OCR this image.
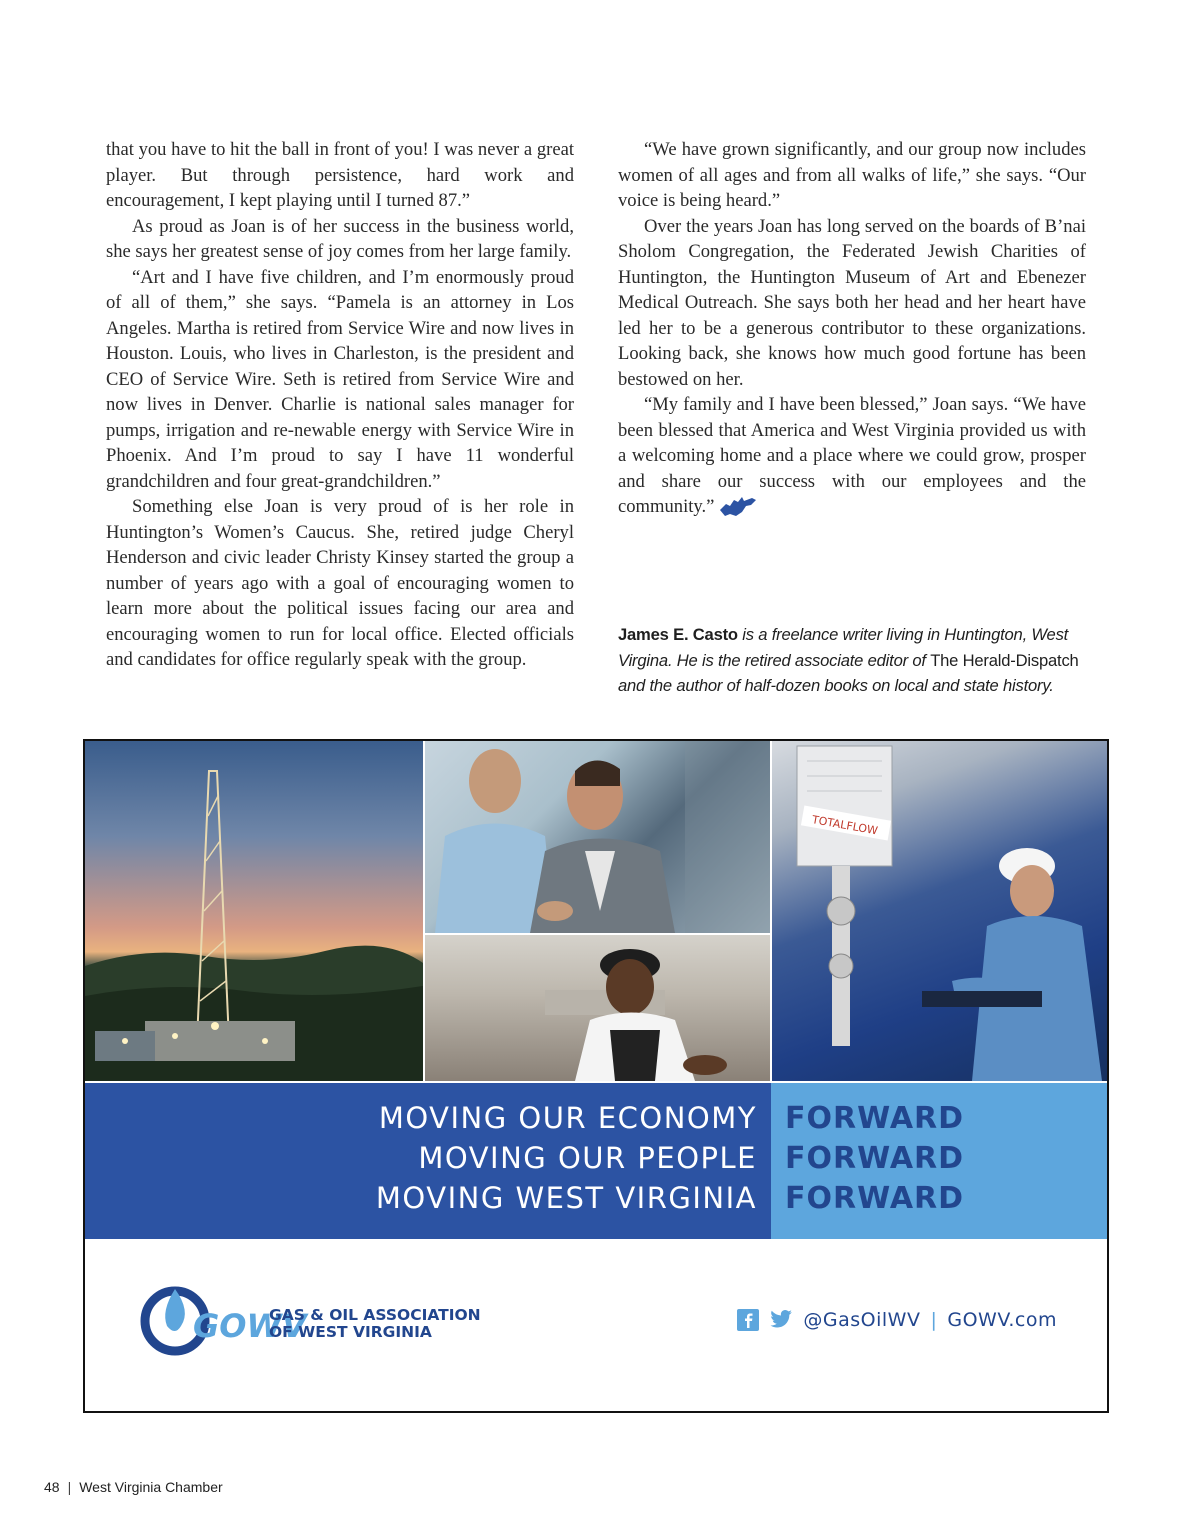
that you have to hit the ball in front of you! I was never a great player. But through persistence, hard work and encouragement, I kept playing until I turned 87.”

As proud as Joan is of her success in the business world, she says her greatest sense of joy comes from her large family.

“Art and I have five children, and I’m enormously proud of all of them,” she says. “Pamela is an attorney in Los Angeles. Martha is retired from Service Wire and now lives in Houston. Louis, who lives in Charleston, is the president and CEO of Service Wire. Seth is retired from Service Wire and now lives in Denver. Charlie is national sales manager for pumps, irrigation and re-newable energy with Service Wire in Phoenix. And I’m proud to say I have 11 wonderful grandchildren and four great-grandchildren.”

Something else Joan is very proud of is her role in Huntington’s Women’s Caucus. She, retired judge Cheryl Henderson and civic leader Christy Kinsey started the group a number of years ago with a goal of encouraging women to learn more about the political issues facing our area and encouraging women to run for local office. Elected officials and candidates for office regularly speak with the group.

“We have grown significantly, and our group now includes women of all ages and from all walks of life,” she says. “Our voice is being heard.”

Over the years Joan has long served on the boards of B’nai Sholom Congregation, the Federated Jewish Charities of Huntington, the Huntington Museum of Art and Ebenezer Medical Outreach. She says both her head and her heart have led her to be a generous contributor to these organizations. Looking back, she knows how much good fortune has been bestowed on her.

“My family and I have been blessed,” Joan says. “We have been blessed that America and West Virginia provided us with a welcoming home and a place where we could grow, prosper and share our success with our employees and the community.”

James E. Casto is a freelance writer living in Huntington, West Virgina. He is the retired associate editor of The Herald-Dispatch and the author of half-dozen books on local and state history.
TOTALFLOW
MOVING OUR ECONOMY
MOVING OUR PEOPLE
MOVING WEST VIRGINIA
FORWARD
FORWARD
FORWARD
GOWV
GAS & OIL ASSOCIATION
OF WEST VIRGINIA
@GasOilWV | GOWV.com
48 | West Virginia Chamber
